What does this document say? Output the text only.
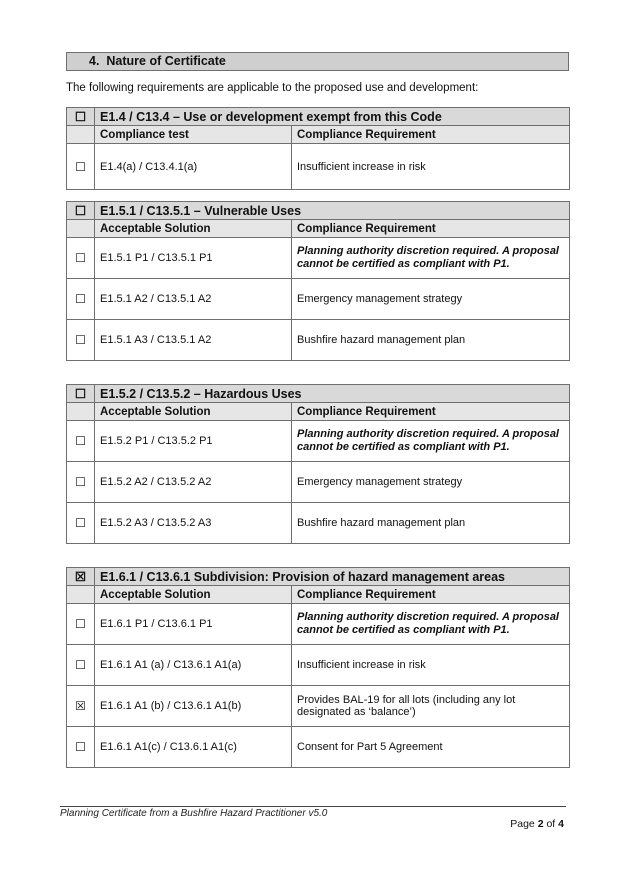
4. Nature of Certificate
The following requirements are applicable to the proposed use and development:
☐	E1.4 / C13.4 – Use or development exempt from this Code	
	Compliance test	Compliance Requirement
☐	E1.4(a) / C13.4.1(a)	Insufficient increase in risk
☐	E1.5.1 / C13.5.1 – Vulnerable Uses	
	Acceptable Solution	Compliance Requirement
☐	E1.5.1 P1 / C13.5.1 P1	Planning authority discretion required. A proposal cannot be certified as compliant with P1.
☐	E1.5.1 A2 / C13.5.1 A2	Emergency management strategy
☐	E1.5.1 A3 / C13.5.1 A2	Bushfire hazard management plan
☐	E1.5.2 / C13.5.2 – Hazardous Uses	
	Acceptable Solution	Compliance Requirement
☐	E1.5.2 P1 / C13.5.2 P1	Planning authority discretion required. A proposal cannot be certified as compliant with P1.
☐	E1.5.2 A2 / C13.5.2 A2	Emergency management strategy
☐	E1.5.2 A3 / C13.5.2 A3	Bushfire hazard management plan
☒	E1.6.1 / C13.6.1 Subdivision: Provision of hazard management areas	
	Acceptable Solution	Compliance Requirement
☐	E1.6.1 P1 / C13.6.1 P1	Planning authority discretion required. A proposal cannot be certified as compliant with P1.
☐	E1.6.1 A1 (a) / C13.6.1 A1(a)	Insufficient increase in risk
☒	E1.6.1 A1 (b) / C13.6.1 A1(b)	Provides BAL-19 for all lots (including any lot designated as ‘balance’)
☐	E1.6.1 A1(c) / C13.6.1 A1(c)	Consent for Part 5 Agreement
Planning Certificate from a Bushfire Hazard Practitioner v5.0
Page 2 of 4
